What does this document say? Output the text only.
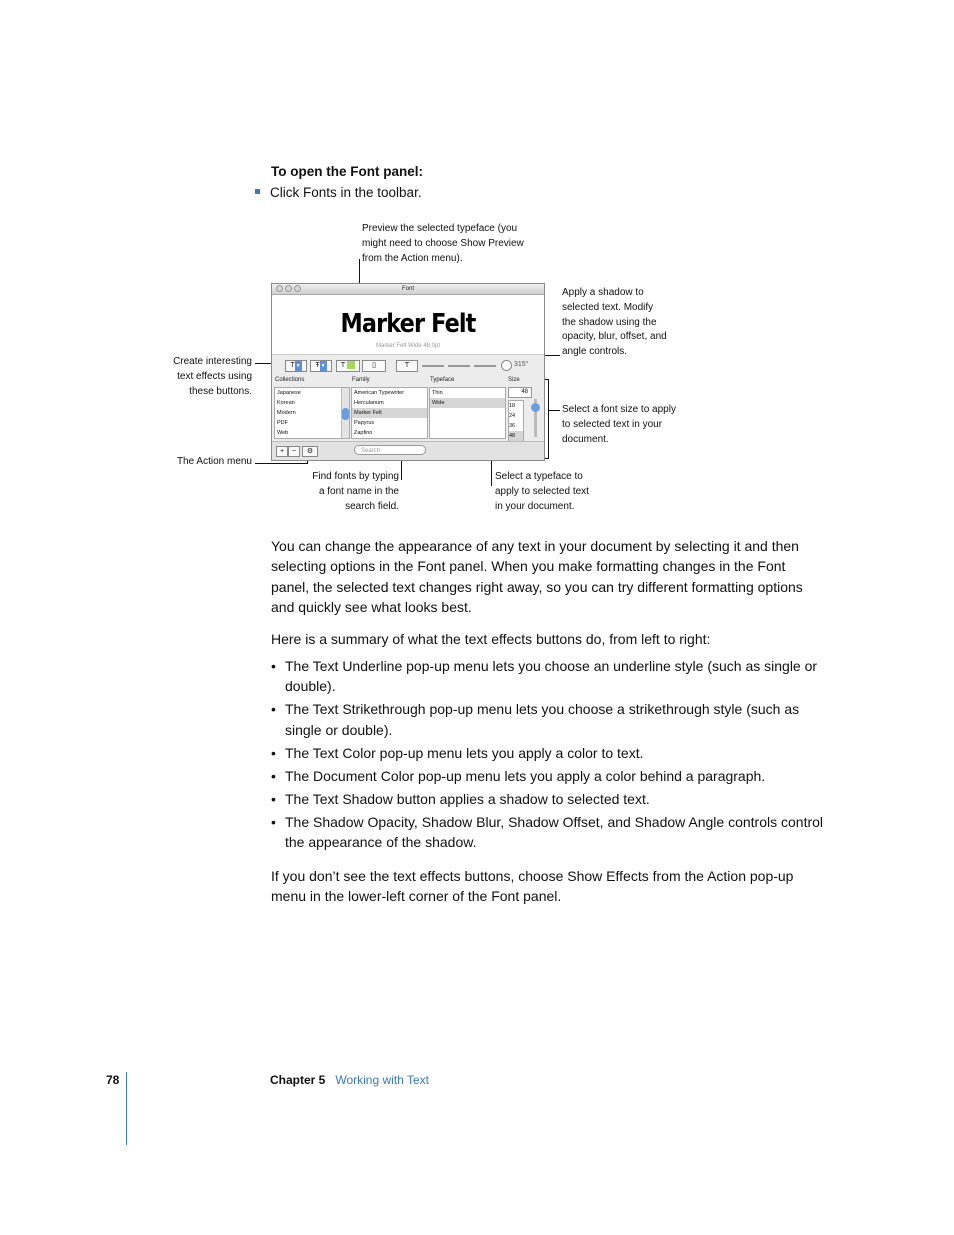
To open the Font panel:
Click Fonts in the toolbar.
Preview the selected typeface (you
might need to choose Show Preview
from the Action menu).
Apply a shadow to
selected text. Modify
the shadow using the
opacity, blur, offset, and
angle controls.
Create interesting
text effects using
these buttons.
Select a font size to apply
to selected text in your
document.
The Action menu
Find fonts by typing
a font name in the
search field.
Select a typeface to
apply to selected text
in your document.
Font
Marker Felt
Marker Felt Wide 48.0pt
T▼	Ŧ▼	T	▯	T	315°
Collections	Family	Typeface	Size
Japanese
Korean
Modern
PDF
Web
American Typewriter
Herculanum
Marker Felt
Papyrus
Zapfino
Thin
Wide
48
18
24
36
48
+	−	⚙	Search
You can change the appearance of any text in your document by selecting it and then selecting options in the Font panel. When you make formatting changes in the Font panel, the selected text changes right away, so you can try different formatting options and quickly see what looks best.
Here is a summary of what the text effects buttons do, from left to right:
• The Text Underline pop-up menu lets you choose an underline style (such as single or double).
• The Text Strikethrough pop-up menu lets you choose a strikethrough style (such as single or double).
• The Text Color pop-up menu lets you apply a color to text.
• The Document Color pop-up menu lets you apply a color behind a paragraph.
• The Text Shadow button applies a shadow to selected text.
• The Shadow Opacity, Shadow Blur, Shadow Offset, and Shadow Angle controls control the appearance of the shadow.
If you don’t see the text effects buttons, choose Show Effects from the Action pop-up menu in the lower-left corner of the Font panel.
78	Chapter 5 Working with Text
